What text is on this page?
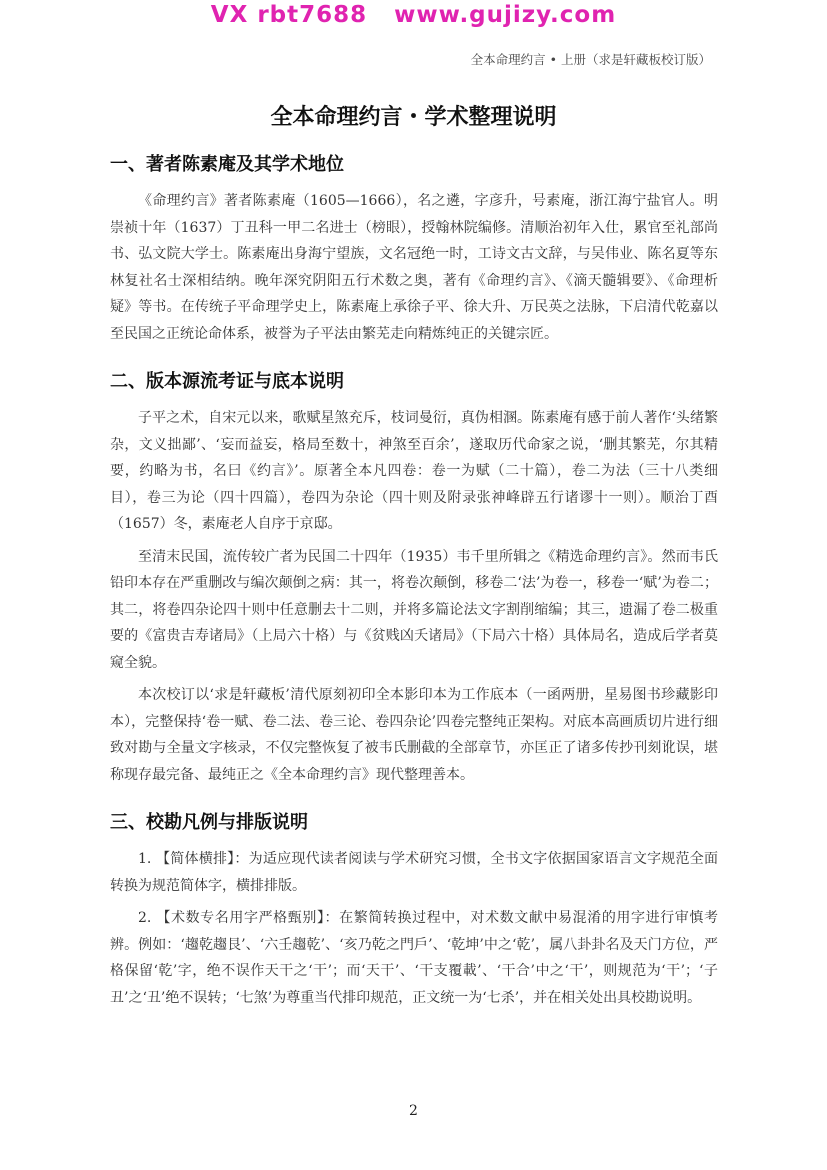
VX rbt7688   www.gujizy.com
全本命理约言 • 上册（求是轩藏板校订版）
全本命理约言・学术整理说明
一、著者陈素庵及其学术地位

《命理约言》著者陈素庵（1605—1666），名之遴，字彦升，号素庵，浙江海宁盐官人。明崇祯十年（1637）丁丑科一甲二名进士（榜眼），授翰林院编修。清顺治初年入仕，累官至礼部尚书、弘文院大学士。陈素庵出身海宁望族，文名冠绝一时，工诗文古文辞，与吴伟业、陈名夏等东林复社名士深相结纳。晚年深究阴阳五行术数之奥，著有《命理约言》、《滴天髓辑要》、《命理析疑》等书。在传统子平命理学史上，陈素庵上承徐子平、徐大升、万民英之法脉，下启清代乾嘉以至民国之正统论命体系，被誉为子平法由繁芜走向精炼纯正的关键宗匠。

二、版本源流考证与底本说明

子平之术，自宋元以来，歌赋星煞充斥，枝词曼衍，真伪相溷。陈素庵有感于前人著作‘头绪繁杂，文义拙鄙’、‘妄而益妄，格局至数十，神煞至百余’，遂取历代命家之说，‘删其繁芜，尔其精要，约略为书，名曰《约言》’。原著全本凡四卷：卷一为赋（二十篇），卷二为法（三十八类细目），卷三为论（四十四篇），卷四为杂论（四十则及附录张神峰辟五行诸谬十一则）。顺治丁酉（1657）冬，素庵老人自序于京邸。

至清末民国，流传较广者为民国二十四年（1935）韦千里所辑之《精选命理约言》。然而韦氏铅印本存在严重删改与编次颠倒之病：其一，将卷次颠倒，移卷二‘法’为卷一，移卷一‘赋’为卷二；其二，将卷四杂论四十则中任意删去十二则，并将多篇论法文字割削缩编；其三，遗漏了卷二极重要的《富贵吉寿诸局》（上局六十格）与《贫贱凶夭诸局》（下局六十格）具体局名，造成后学者莫窥全貌。

本次校订以‘求是轩藏板’清代原刻初印全本影印本为工作底本（一函两册，星易图书珍藏影印本），完整保持‘卷一赋、卷二法、卷三论、卷四杂论’四卷完整纯正架构。对底本高画质切片进行细致对勘与全量文字核录，不仅完整恢复了被韦氏删截的全部章节，亦匡正了诸多传抄刊刻讹误，堪称现存最完备、最纯正之《全本命理约言》现代整理善本。

三、校勘凡例与排版说明

1. 【简体横排】：为适应现代读者阅读与学术研究习惯，全书文字依据国家语言文字规范全面转换为规范简体字，横排排版。

2. 【术数专名用字严格甄别】：在繁简转换过程中，对术数文献中易混淆的用字进行审慎考辨。例如：‘趨乾趨艮’、‘六壬趨乾’、‘亥乃乾之門戶’、‘乾坤’中之‘乾’，属八卦卦名及天门方位，严格保留‘乾’字，绝不误作天干之‘干’；而‘天干’、‘干支覆載’、‘干合’中之‘干’，则规范为‘干’；‘子丑’之‘丑’绝不误转；‘七煞’为尊重当代排印规范，正文统一为‘七杀’，并在相关处出具校勘说明。

2
